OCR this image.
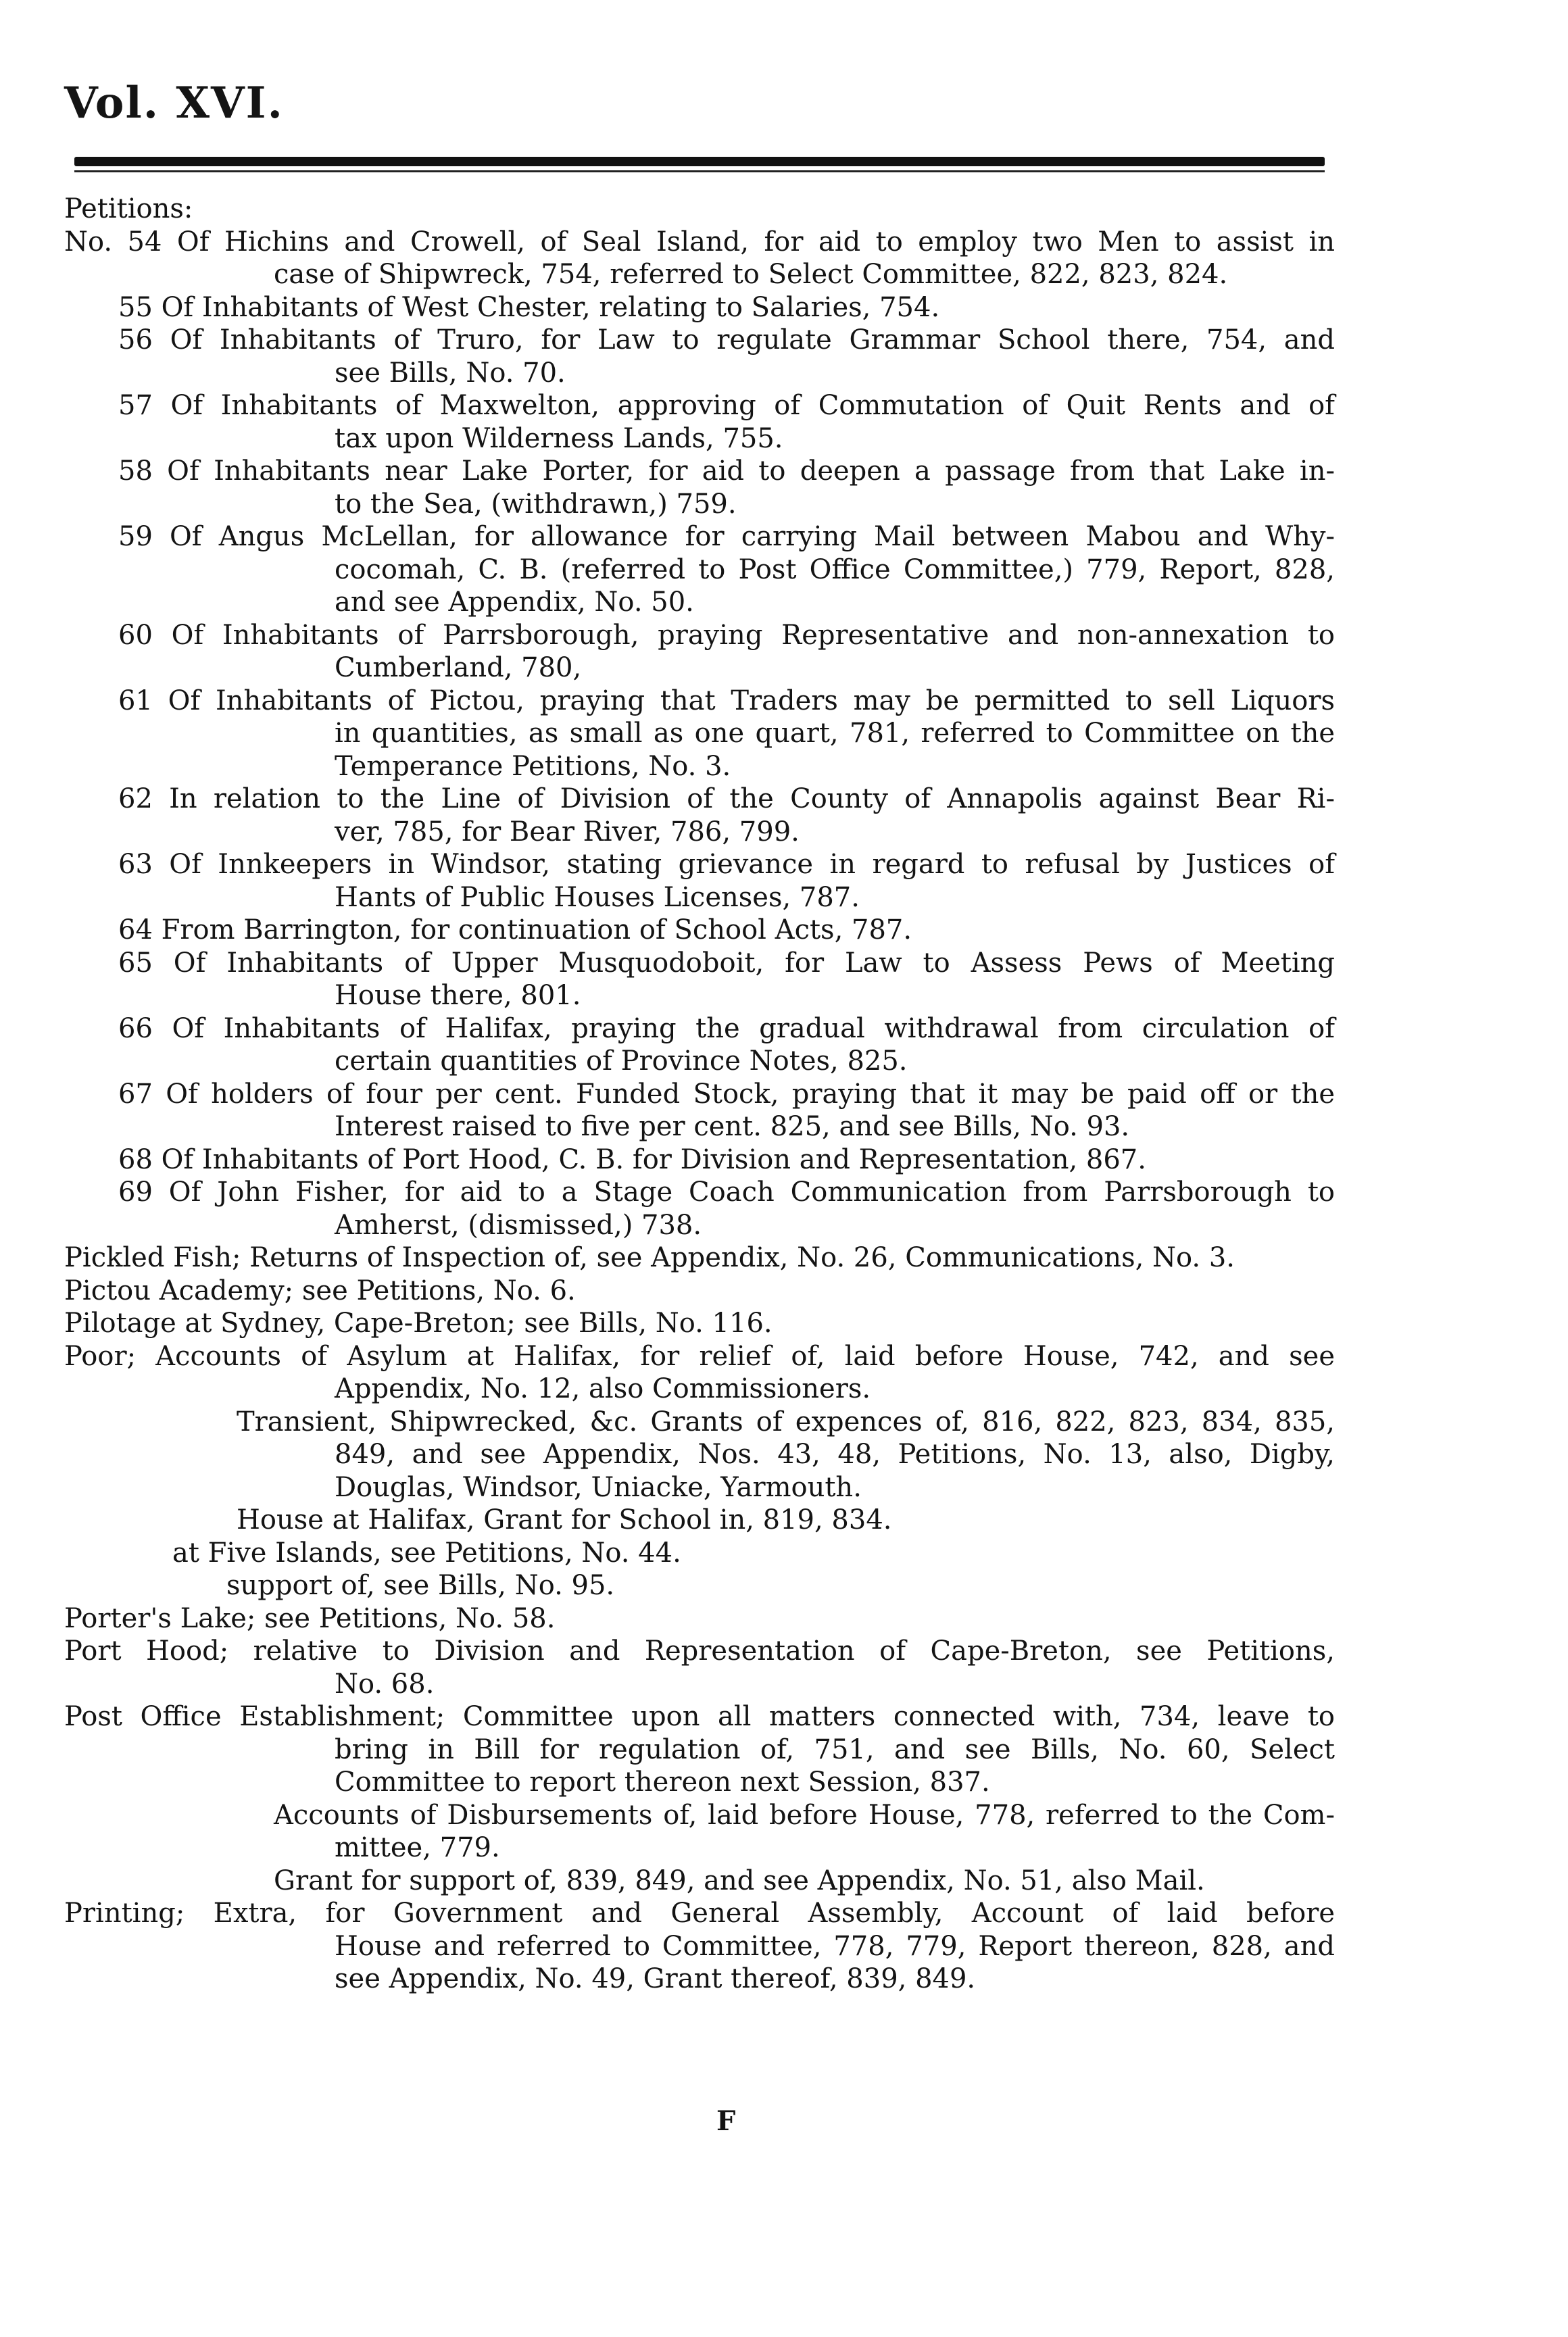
Vol. XVI.
Petitions:
No. 54 Of Hichins and Crowell, of Seal Island, for aid to employ two Men to assist in
case of Shipwreck, 754, referred to Select Committee, 822, 823, 824.
55 Of Inhabitants of West Chester, relating to Salaries, 754.
56 Of Inhabitants of Truro, for Law to regulate Grammar School there, 754, and
see Bills, No. 70.
57 Of Inhabitants of Maxwelton, approving of Commutation of Quit Rents and of
tax upon Wilderness Lands, 755.
58 Of Inhabitants near Lake Porter, for aid to deepen a passage from that Lake in-
to the Sea, (withdrawn,) 759.
59 Of Angus McLellan, for allowance for carrying Mail between Mabou and Why-
cocomah, C. B. (referred to Post Office Committee,) 779, Report, 828,
and see Appendix, No. 50.
60 Of Inhabitants of Parrsborough, praying Representative and non-annexation to
Cumberland, 780,
61 Of Inhabitants of Pictou, praying that Traders may be permitted to sell Liquors
in quantities, as small as one quart, 781, referred to Committee on the
Temperance Petitions, No. 3.
62 In relation to the Line of Division of the County of Annapolis against Bear Ri-
ver, 785, for Bear River, 786, 799.
63 Of Innkeepers in Windsor, stating grievance in regard to refusal by Justices of
Hants of Public Houses Licenses, 787.
64 From Barrington, for continuation of School Acts, 787.
65 Of Inhabitants of Upper Musquodoboit, for Law to Assess Pews of Meeting
House there, 801.
66 Of Inhabitants of Halifax, praying the gradual withdrawal from circulation of
certain quantities of Province Notes, 825.
67 Of holders of four per cent. Funded Stock, praying that it may be paid off or the
Interest raised to five per cent. 825, and see Bills, No. 93.
68 Of Inhabitants of Port Hood, C. B. for Division and Representation, 867.
69 Of John Fisher, for aid to a Stage Coach Communication from Parrsborough to
Amherst, (dismissed,) 738.
Pickled Fish; Returns of Inspection of, see Appendix, No. 26, Communications, No. 3.
Pictou Academy; see Petitions, No. 6.
Pilotage at Sydney, Cape-Breton; see Bills, No. 116.
Poor; Accounts of Asylum at Halifax, for relief of, laid before House, 742, and see
Appendix, No. 12, also Commissioners.
Transient, Shipwrecked, &c. Grants of expences of, 816, 822, 823, 834, 835,
849, and see Appendix, Nos. 43, 48, Petitions, No. 13, also, Digby,
Douglas, Windsor, Uniacke, Yarmouth.
House at Halifax, Grant for School in, 819, 834.
at Five Islands, see Petitions, No. 44.
support of, see Bills, No. 95.
Porter's Lake; see Petitions, No. 58.
Port Hood; relative to Division and Representation of Cape-Breton, see Petitions,
No. 68.
Post Office Establishment; Committee upon all matters connected with, 734, leave to
bring in Bill for regulation of, 751, and see Bills, No. 60, Select
Committee to report thereon next Session, 837.
Accounts of Disbursements of, laid before House, 778, referred to the Com-
mittee, 779.
Grant for support of, 839, 849, and see Appendix, No. 51, also Mail.
Printing; Extra, for Government and General Assembly, Account of laid before
House and referred to Committee, 778, 779, Report thereon, 828, and
see Appendix, No. 49, Grant thereof, 839, 849.
F
